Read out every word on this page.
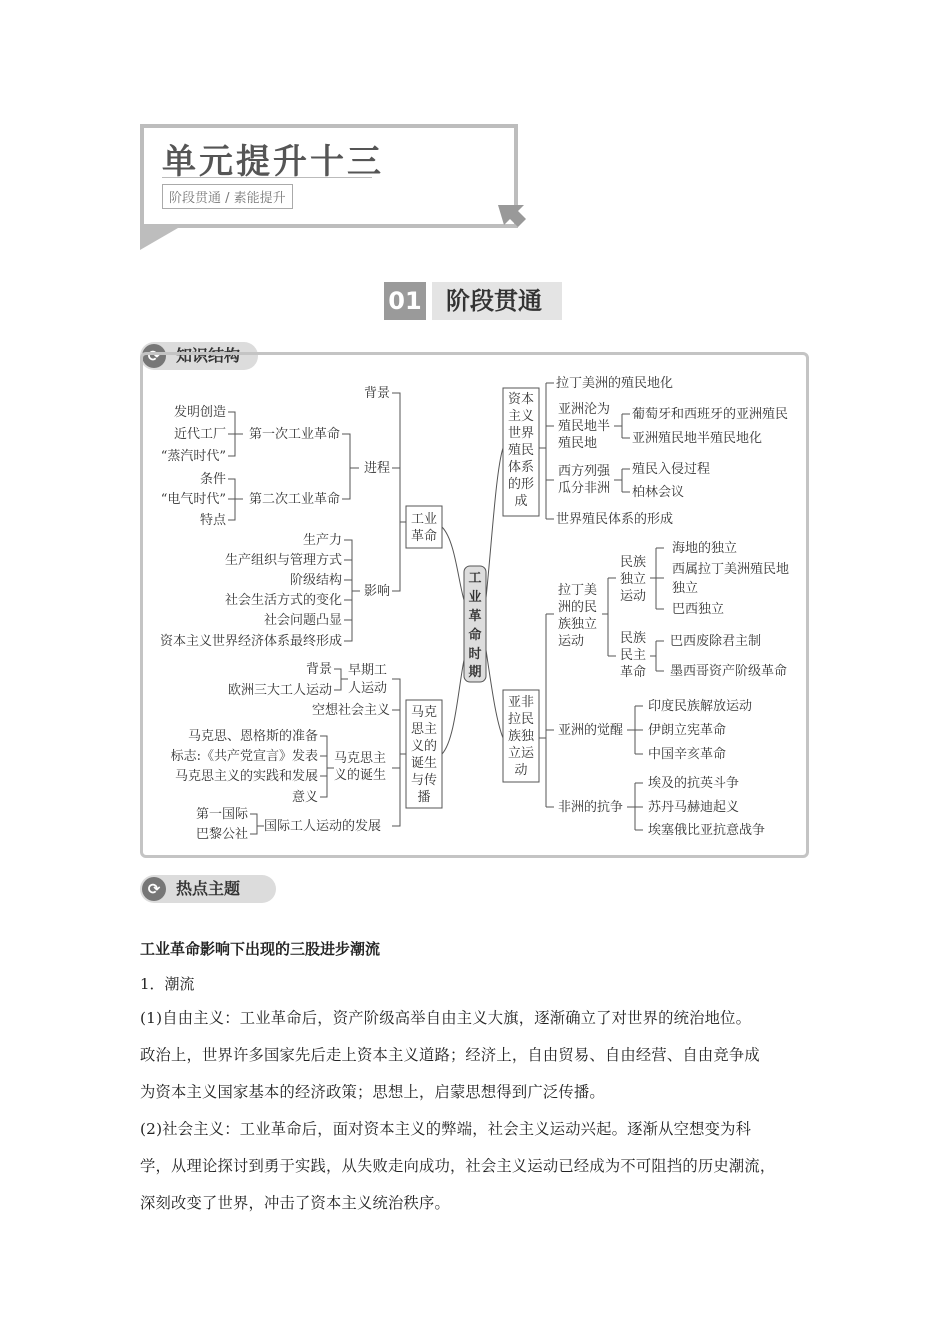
单元提升十三
阶段贯通 / 素能提升
01	阶段贯通
⟳ 知识结构
背景
进程
影响
第一次工业革命
发明创造
近代工厂
“蒸汽时代”
第二次工业革命
条件
“电气时代”
特点
生产力
生产组织与管理方式
阶级结构
社会生活方式的变化
社会问题凸显
资本主义世界经济体系最终形成
工业
革命
马克
思主
义的
诞生
与传
播
早期工
人运动
背景
欧洲三大工人运动
空想社会主义
马克思主
义的诞生
马克思、恩格斯的准备
标志:《共产党宣言》发表
马克思主义的实践和发展
意义
国际工人运动的发展
第一国际
巴黎公社
工
业
革
命
时
期
资本
主义
世界
殖民
体系
的形
成
拉丁美洲的殖民地化
亚洲沦为
殖民地半
殖民地
葡萄牙和西班牙的亚洲殖民
亚洲殖民地半殖民地化
西方列强
瓜分非洲
殖民入侵过程
柏林会议
世界殖民体系的形成
亚非
拉民
族独
立运
动
拉丁美
洲的民
族独立
运动
民族
独立
运动
海地的独立
西属拉丁美洲殖民地
独立
巴西独立
民族
民主
革命
巴西废除君主制
墨西哥资产阶级革命
亚洲的觉醒
印度民族解放运动
伊朗立宪革命
中国辛亥革命
非洲的抗争
埃及的抗英斗争
苏丹马赫迪起义
埃塞俄比亚抗意战争
⟳ 热点主题
工业革命影响下出现的三股进步潮流
1．潮流
(1)自由主义：工业革命后，资产阶级高举自由主义大旗，逐渐确立了对世界的统治地位。
政治上，世界许多国家先后走上资本主义道路；经济上，自由贸易、自由经营、自由竞争成
为资本主义国家基本的经济政策；思想上，启蒙思想得到广泛传播。
(2)社会主义：工业革命后，面对资本主义的弊端，社会主义运动兴起。逐渐从空想变为科
学，从理论探讨到勇于实践，从失败走向成功，社会主义运动已经成为不可阻挡的历史潮流，
深刻改变了世界，冲击了资本主义统治秩序。
